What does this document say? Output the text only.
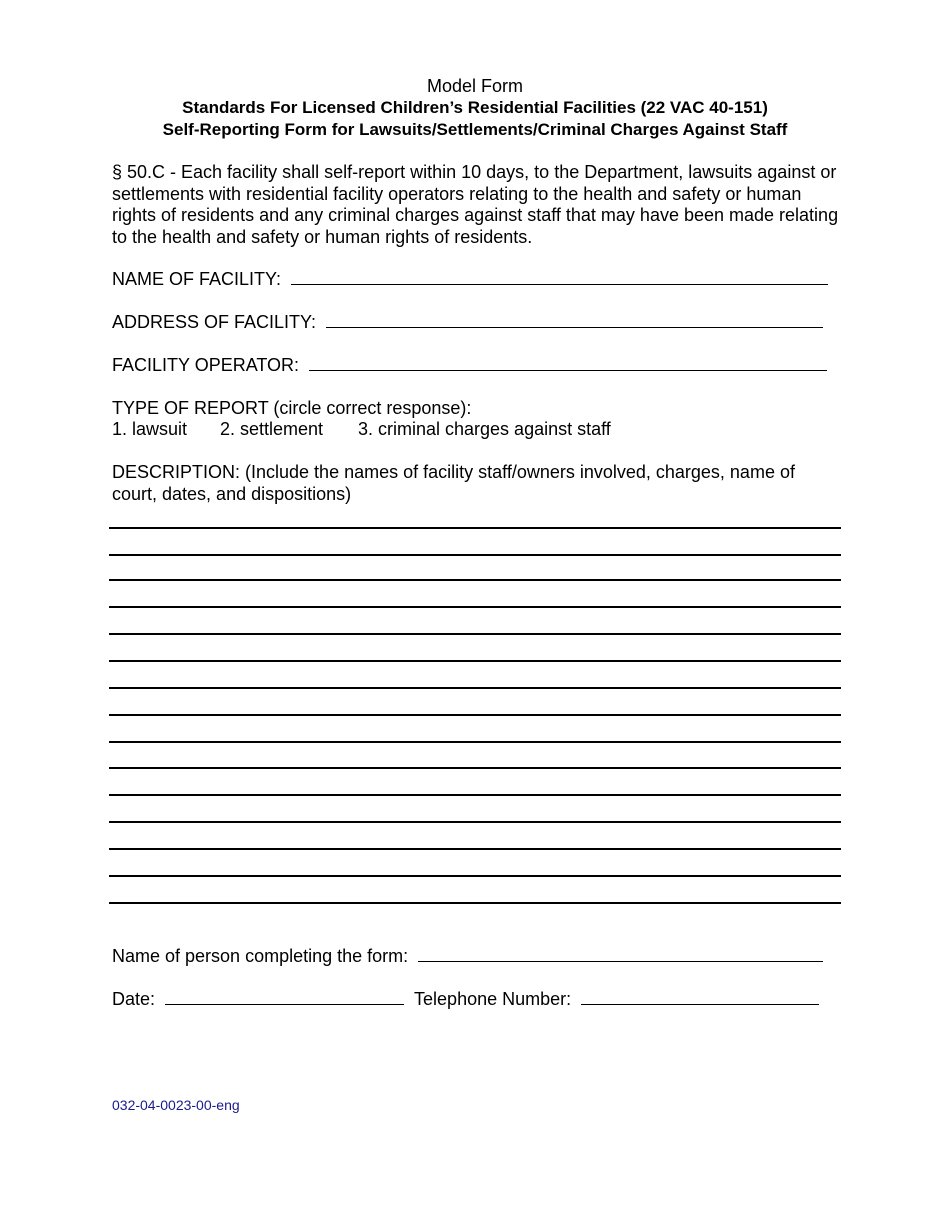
Model Form
Standards For Licensed Children’s Residential Facilities (22 VAC 40-151)
Self-Reporting Form for Lawsuits/Settlements/Criminal Charges Against Staff
§ 50.C - Each facility shall self-report within 10 days, to the Department, lawsuits against or settlements with residential facility operators relating to the health and safety or human rights of residents and any criminal charges against staff that may have been made relating to the health and safety or human rights of residents.
NAME OF FACILITY:
ADDRESS OF FACILITY:
FACILITY OPERATOR:
TYPE OF REPORT (circle correct response):
1. lawsuit 2. settlement 3. criminal charges against staff
DESCRIPTION: (Include the names of facility staff/owners involved, charges, name of court, dates, and dispositions)
Name of person completing the form:
Date:	Telephone Number:
032-04-0023-00-eng
